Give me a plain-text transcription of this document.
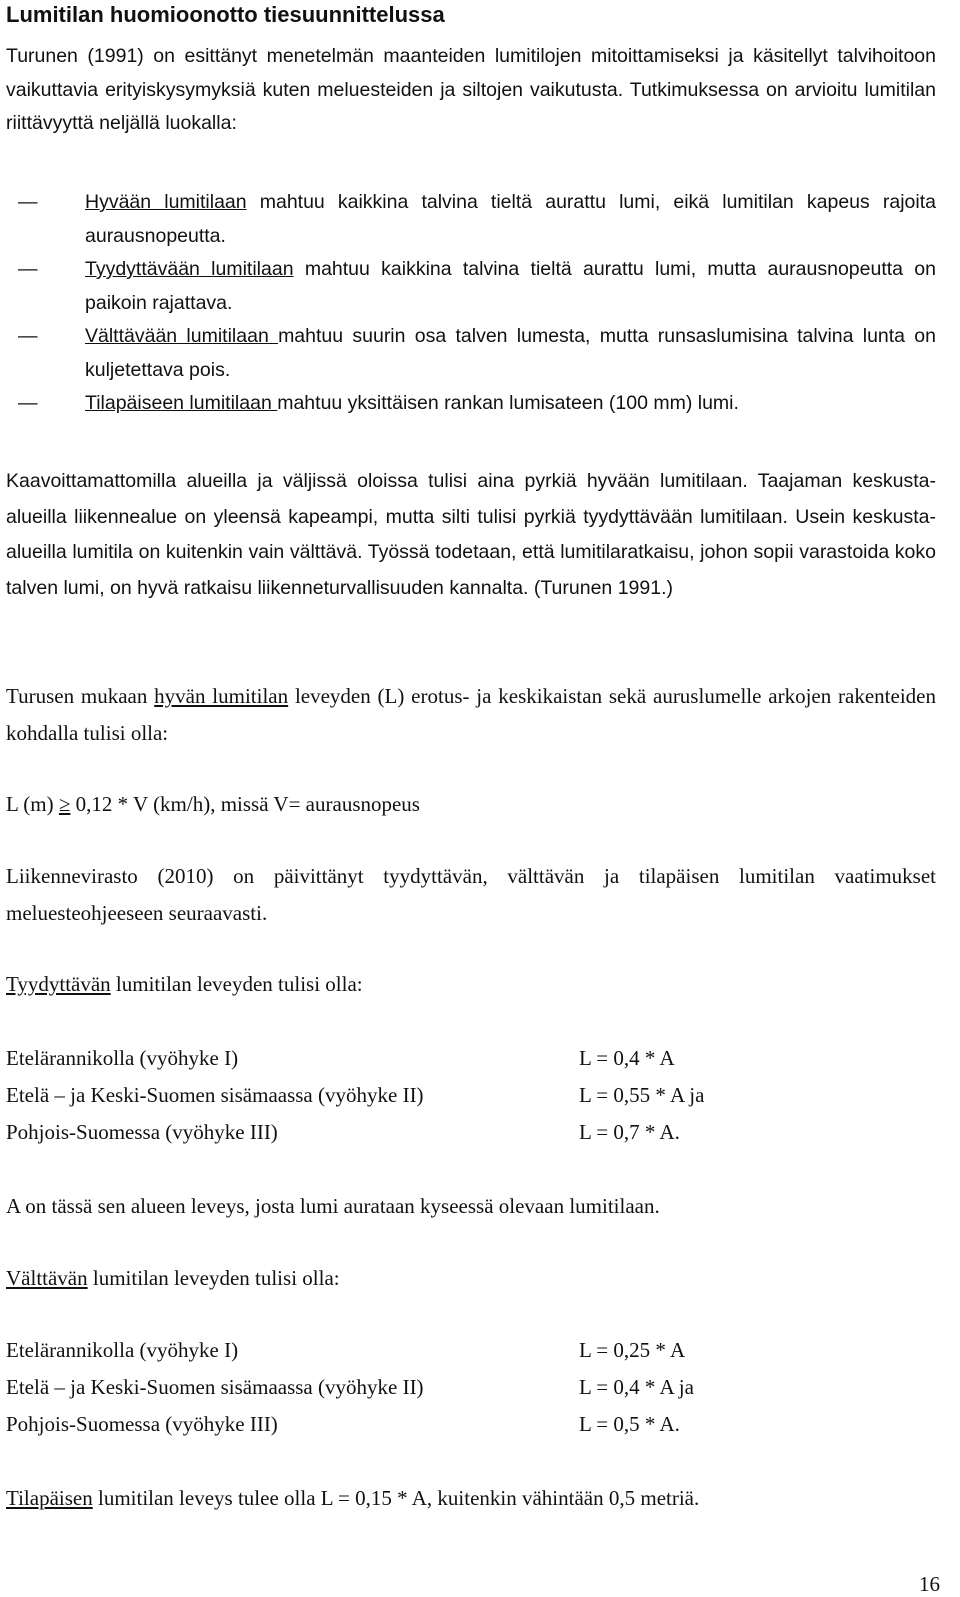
Lumitilan huomioonotto tiesuunnittelussa
Turunen (1991) on esittänyt menetelmän maanteiden lumitilojen mitoittamiseksi ja käsitellyt talvihoitoon vaikuttavia erityiskysymyksiä kuten meluesteiden ja siltojen vaikutusta. Tutkimuksessa on arvioitu lumitilan riittävyyttä neljällä luokalla:
— Hyvään lumitilaan mahtuu kaikkina talvina tieltä aurattu lumi, eikä lumitilan kapeus rajoita aurausnopeutta.
— Tyydyttävään lumitilaan mahtuu kaikkina talvina tieltä aurattu lumi, mutta aurausnopeutta on paikoin rajattava.
— Välttävään lumitilaan mahtuu suurin osa talven lumesta, mutta runsaslumisina talvina lunta on kuljetettava pois.
— Tilapäiseen lumitilaan mahtuu yksittäisen rankan lumisateen (100 mm) lumi.
Kaavoittamattomilla alueilla ja väljissä oloissa tulisi aina pyrkiä hyvään lumitilaan. Taajaman keskusta-alueilla liikennealue on yleensä kapeampi, mutta silti tulisi pyrkiä tyydyttävään lumitilaan. Usein keskusta-alueilla lumitila on kuitenkin vain välttävä. Työssä todetaan, että lumitilaratkaisu, johon sopii varastoida koko talven lumi, on hyvä ratkaisu liikenneturvallisuuden kannalta. (Turunen 1991.)
Turusen mukaan hyvän lumitilan leveyden (L) erotus- ja keskikaistan sekä auruslumelle arkojen rakenteiden kohdalla tulisi olla:
L (m) ≥ 0,12 * V (km/h), missä V= aurausnopeus
Liikennevirasto (2010) on päivittänyt tyydyttävän, välttävän ja tilapäisen lumitilan vaatimukset meluesteohjeeseen seuraavasti.
Tyydyttävän lumitilan leveyden tulisi olla:
Etelärannikolla (vyöhyke I)	L = 0,4 * A
Etelä – ja Keski-Suomen sisämaassa (vyöhyke II)	L = 0,55 * A ja
Pohjois-Suomessa (vyöhyke III)	L = 0,7 * A.
A on tässä sen alueen leveys, josta lumi aurataan kyseessä olevaan lumitilaan.
Välttävän lumitilan leveyden tulisi olla:
Etelärannikolla (vyöhyke I)	L = 0,25 * A
Etelä – ja Keski-Suomen sisämaassa (vyöhyke II)	L = 0,4 * A ja
Pohjois-Suomessa (vyöhyke III)	L = 0,5 * A.
Tilapäisen lumitilan leveys tulee olla L = 0,15 * A, kuitenkin vähintään 0,5 metriä.
16
